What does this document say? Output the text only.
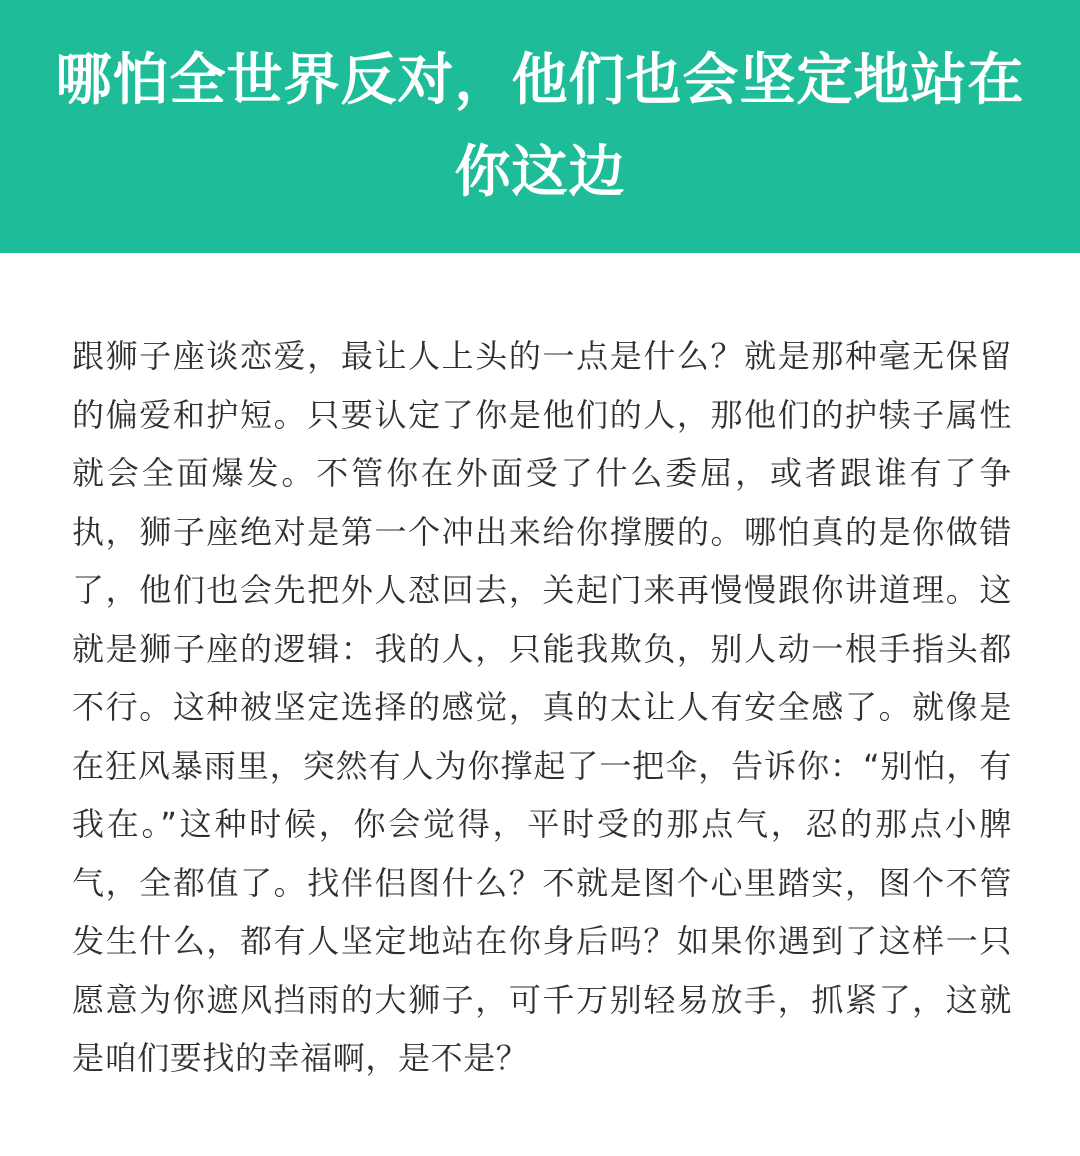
哪怕全世界反对，他们也会坚定地站在你这边

跟狮子座谈恋爱，最让人上头的一点是什么？就是那种毫无保留的偏爱和护短。只要认定了你是他们的人，那他们的护犊子属性就会全面爆发。不管你在外面受了什么委屈，或者跟谁有了争执，狮子座绝对是第一个冲出来给你撑腰的。哪怕真的是你做错了，他们也会先把外人怼回去，关起门来再慢慢跟你讲道理。这就是狮子座的逻辑：我的人，只能我欺负，别人动一根手指头都不行。这种被坚定选择的感觉，真的太让人有安全感了。就像是在狂风暴雨里，突然有人为你撑起了一把伞，告诉你：“别怕，有我在。”这种时候，你会觉得，平时受的那点气，忍的那点小脾气，全都值了。找伴侣图什么？不就是图个心里踏实，图个不管发生什么，都有人坚定地站在你身后吗？如果你遇到了这样一只愿意为你遮风挡雨的大狮子，可千万别轻易放手，抓紧了，这就是咱们要找的幸福啊，是不是？
